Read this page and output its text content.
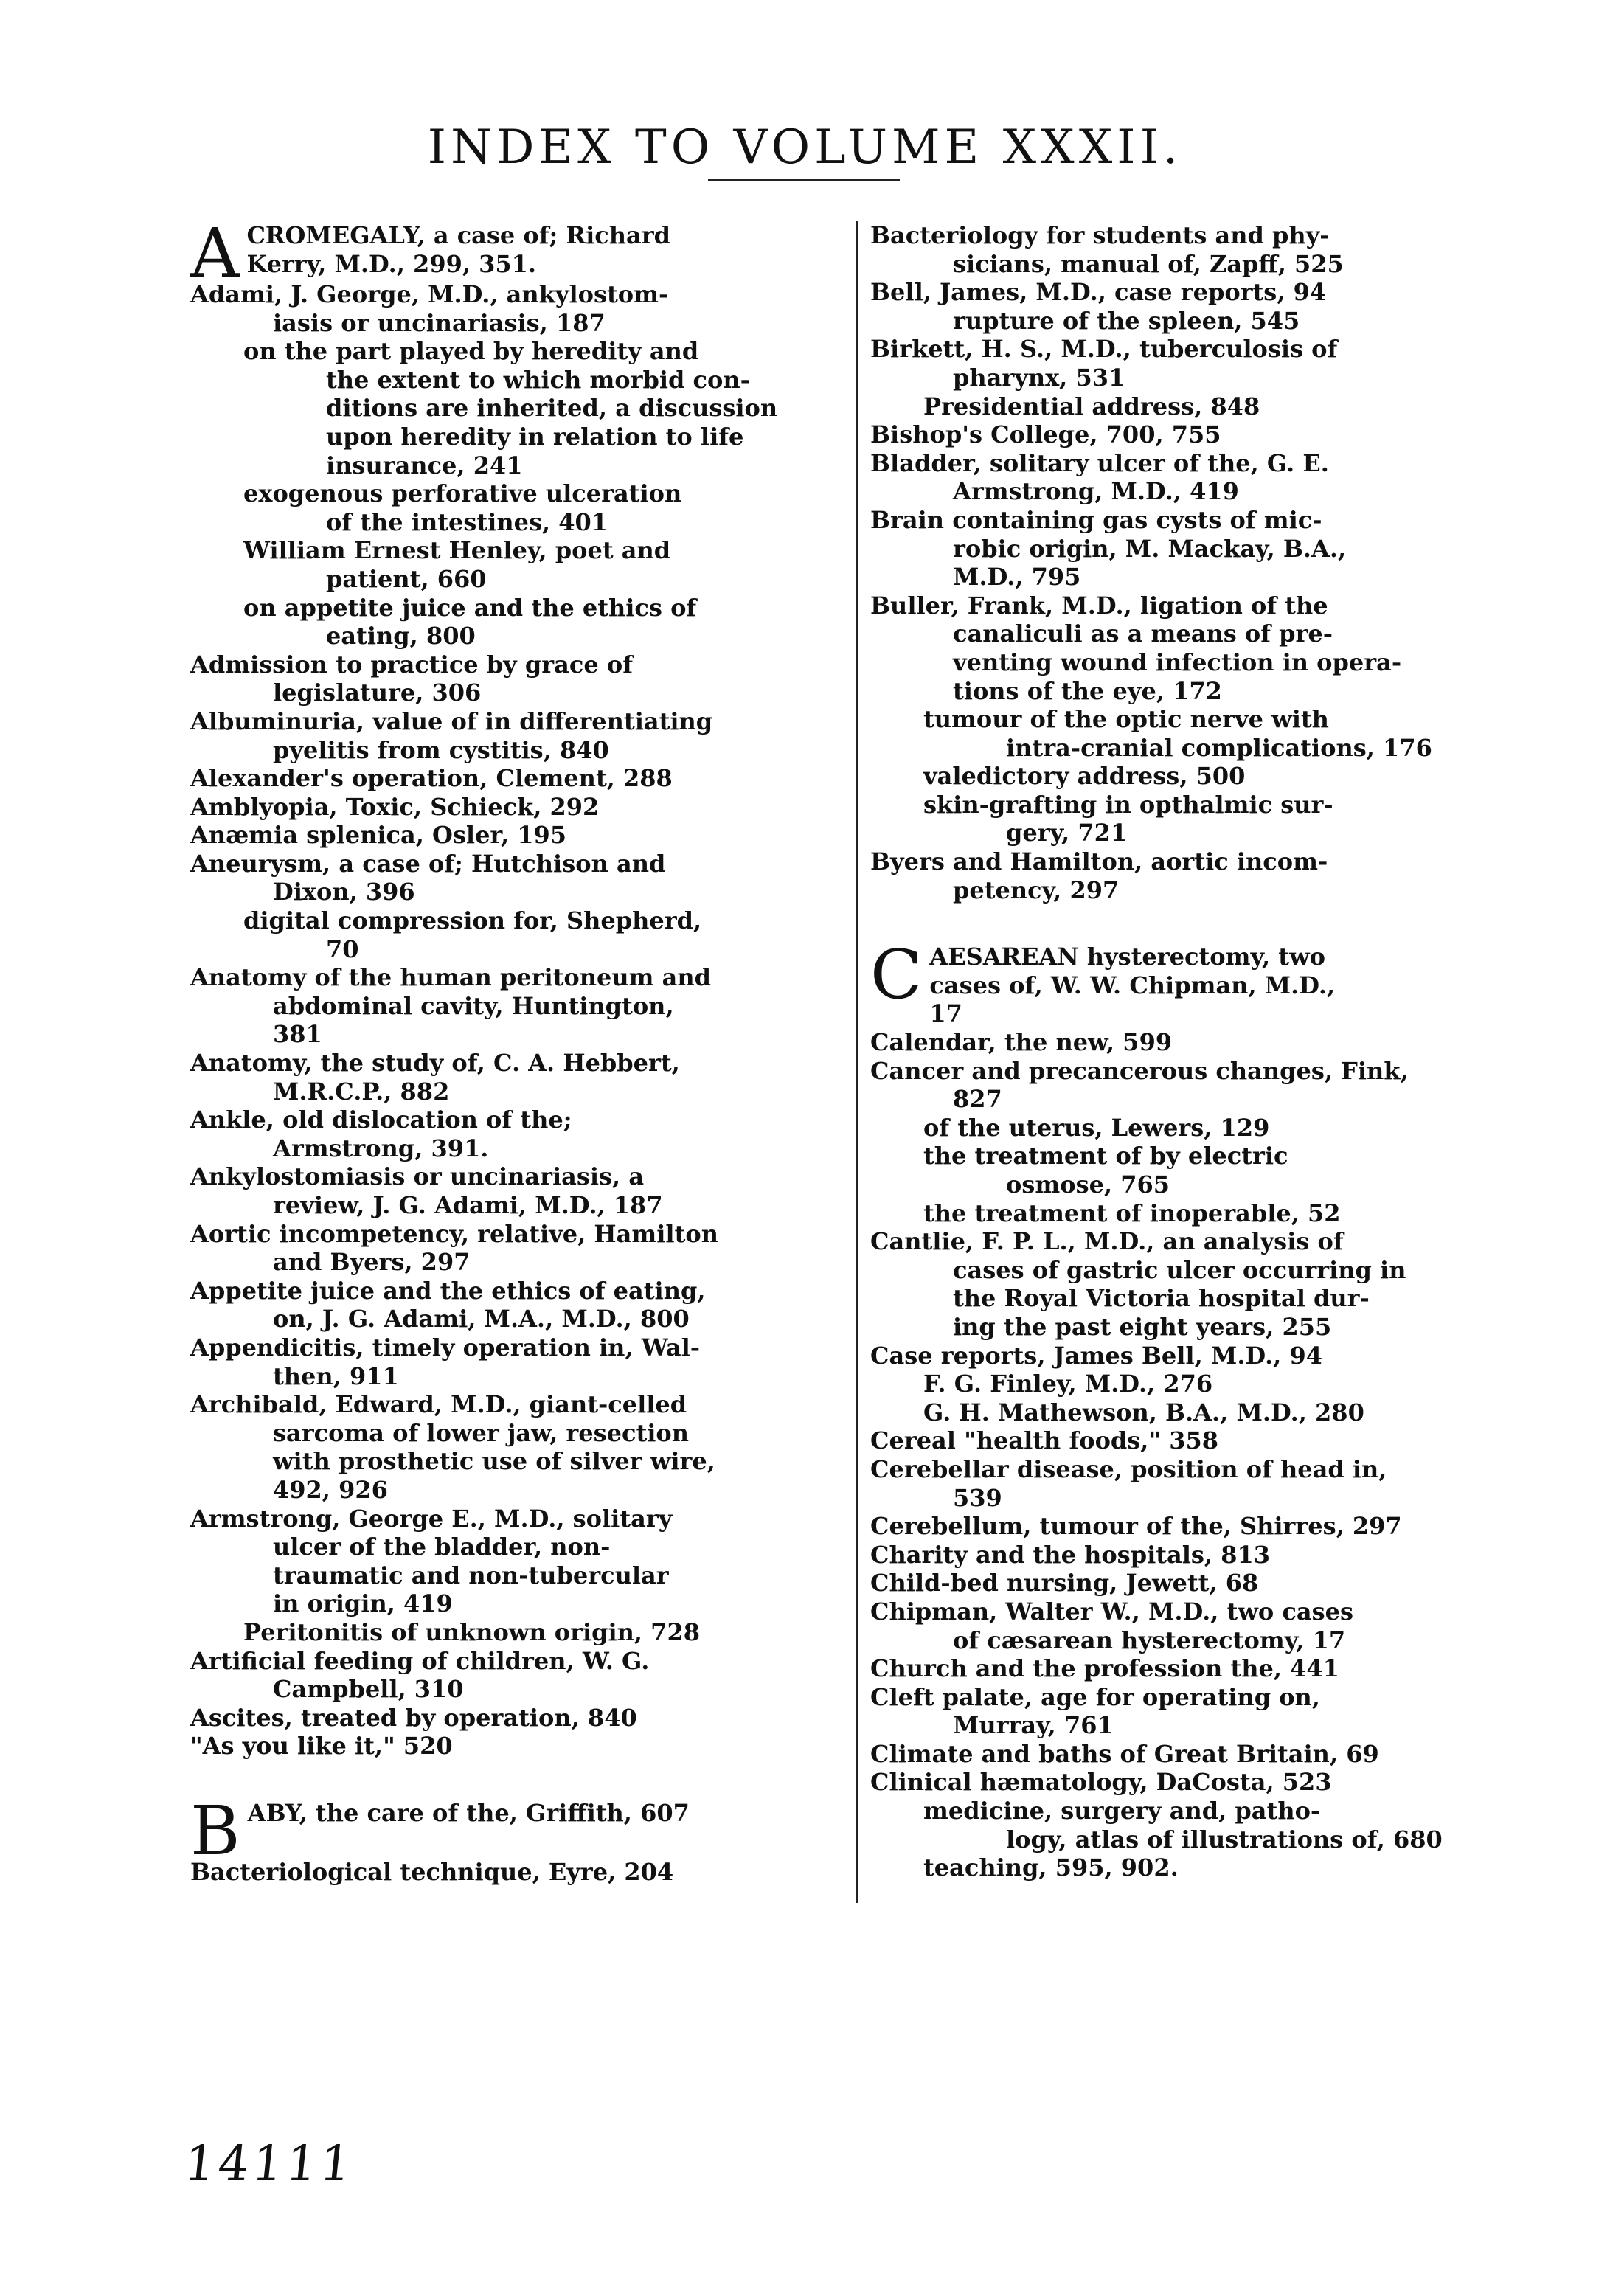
INDEX TO VOLUME XXXII.
A CROMEGALY, a case of; Richard
Kerry, M.D., 299, 351.
Adami, J. George, M.D., ankylostom-
iasis or uncinariasis, 187
on the part played by heredity and
the extent to which morbid con-
ditions are inherited, a discussion
upon heredity in relation to life
insurance, 241
exogenous perforative ulceration
of the intestines, 401
William Ernest Henley, poet and
patient, 660
on appetite juice and the ethics of
eating, 800
Admission to practice by grace of
legislature, 306
Albuminuria, value of in differentiating
pyelitis from cystitis, 840
Alexander's operation, Clement, 288
Amblyopia, Toxic, Schieck, 292
Anæmia splenica, Osler, 195
Aneurysm, a case of; Hutchison and
Dixon, 396
digital compression for, Shepherd,
70
Anatomy of the human peritoneum and
abdominal cavity, Huntington,
381
Anatomy, the study of, C. A. Hebbert,
M.R.C.P., 882
Ankle, old dislocation of the;
Armstrong, 391.
Ankylostomiasis or uncinariasis, a
review, J. G. Adami, M.D., 187
Aortic incompetency, relative, Hamilton
and Byers, 297
Appetite juice and the ethics of eating,
on, J. G. Adami, M.A., M.D., 800
Appendicitis, timely operation in, Wal-
then, 911
Archibald, Edward, M.D., giant-celled
sarcoma of lower jaw, resection
with prosthetic use of silver wire,
492, 926
Armstrong, George E., M.D., solitary
ulcer of the bladder, non-
traumatic and non-tubercular
in origin, 419
Peritonitis of unknown origin, 728
Artificial feeding of children, W. G.
Campbell, 310
Ascites, treated by operation, 840
"As you like it," 520
B ABY, the care of the, Griffith, 607
Bacteriological technique, Eyre, 204
Bacteriology for students and phy-
sicians, manual of, Zapff, 525
Bell, James, M.D., case reports, 94
rupture of the spleen, 545
Birkett, H. S., M.D., tuberculosis of
pharynx, 531
Presidential address, 848
Bishop's College, 700, 755
Bladder, solitary ulcer of the, G. E.
Armstrong, M.D., 419
Brain containing gas cysts of mic-
robic origin, M. Mackay, B.A.,
M.D., 795
Buller, Frank, M.D., ligation of the
canaliculi as a means of pre-
venting wound infection in opera-
tions of the eye, 172
tumour of the optic nerve with
intra-cranial complications, 176
valedictory address, 500
skin-grafting in opthalmic sur-
gery, 721
Byers and Hamilton, aortic incom-
petency, 297
C AESAREAN hysterectomy, two
cases of, W. W. Chipman, M.D.,
17
Calendar, the new, 599
Cancer and precancerous changes, Fink,
827
of the uterus, Lewers, 129
the treatment of by electric
osmose, 765
the treatment of inoperable, 52
Cantlie, F. P. L., M.D., an analysis of
cases of gastric ulcer occurring in
the Royal Victoria hospital dur-
ing the past eight years, 255
Case reports, James Bell, M.D., 94
F. G. Finley, M.D., 276
G. H. Mathewson, B.A., M.D., 280
Cereal "health foods," 358
Cerebellar disease, position of head in,
539
Cerebellum, tumour of the, Shirres, 297
Charity and the hospitals, 813
Child-bed nursing, Jewett, 68
Chipman, Walter W., M.D., two cases
of cæsarean hysterectomy, 17
Church and the profession the, 441
Cleft palate, age for operating on,
Murray, 761
Climate and baths of Great Britain, 69
Clinical hæmatology, DaCosta, 523
medicine, surgery and, patho-
logy, atlas of illustrations of, 680
teaching, 595, 902.
14111
